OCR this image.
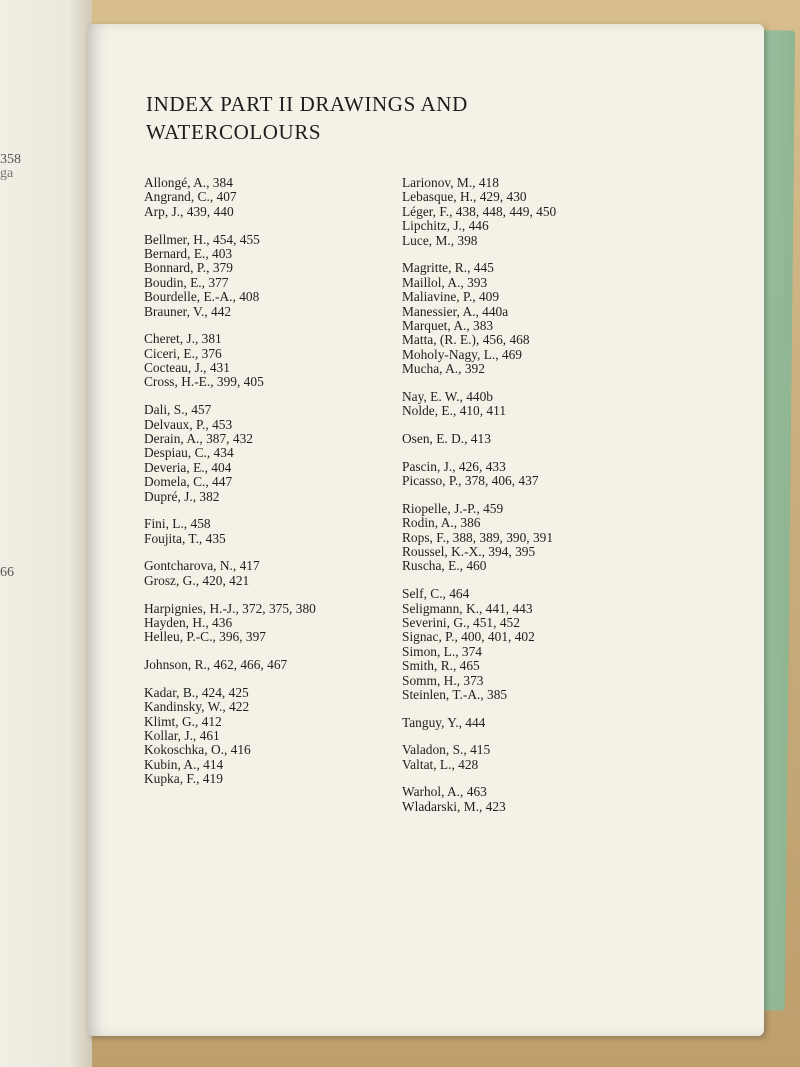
358
ga
66
INDEX PART II DRAWINGS AND WATERCOLOURS
Allongé, A., 384
Angrand, C., 407
Arp, J., 439, 440
Bellmer, H., 454, 455
Bernard, E., 403
Bonnard, P., 379
Boudin, E., 377
Bourdelle, E.-A., 408
Brauner, V., 442
Cheret, J., 381
Ciceri, E., 376
Cocteau, J., 431
Cross, H.-E., 399, 405
Dali, S., 457
Delvaux, P., 453
Derain, A., 387, 432
Despiau, C., 434
Deveria, E., 404
Domela, C., 447
Dupré, J., 382
Fini, L., 458
Foujita, T., 435
Gontcharova, N., 417
Grosz, G., 420, 421
Harpignies, H.-J., 372, 375, 380
Hayden, H., 436
Helleu, P.-C., 396, 397
Johnson, R., 462, 466, 467
Kadar, B., 424, 425
Kandinsky, W., 422
Klimt, G., 412
Kollar, J., 461
Kokoschka, O., 416
Kubin, A., 414
Kupka, F., 419
Larionov, M., 418
Lebasque, H., 429, 430
Léger, F., 438, 448, 449, 450
Lipchitz, J., 446
Luce, M., 398
Magritte, R., 445
Maillol, A., 393
Maliavine, P., 409
Manessier, A., 440a
Marquet, A., 383
Matta, (R. E.), 456, 468
Moholy-Nagy, L., 469
Mucha, A., 392
Nay, E. W., 440b
Nolde, E., 410, 411
Osen, E. D., 413
Pascin, J., 426, 433
Picasso, P., 378, 406, 437
Riopelle, J.-P., 459
Rodin, A., 386
Rops, F., 388, 389, 390, 391
Roussel, K.-X., 394, 395
Ruscha, E., 460
Self, C., 464
Seligmann, K., 441, 443
Severini, G., 451, 452
Signac, P., 400, 401, 402
Simon, L., 374
Smith, R., 465
Somm, H., 373
Steinlen, T.-A., 385
Tanguy, Y., 444
Valadon, S., 415
Valtat, L., 428
Warhol, A., 463
Wladarski, M., 423
